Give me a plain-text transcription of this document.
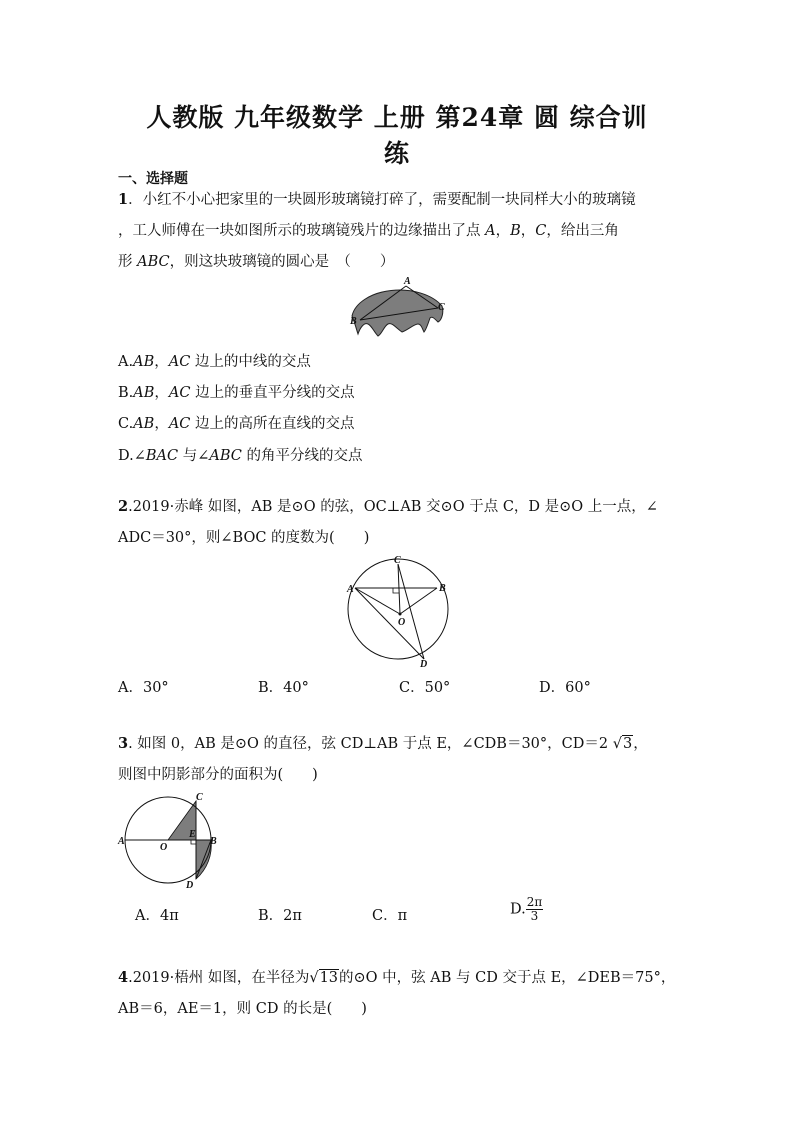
人教版 九年级数学 上册 第24章 圆 综合训
练
一、选择题
1．小红不小心把家里的一块圆形玻璃镜打碎了，需要配制一块同样大小的玻璃镜
，工人师傅在一块如图所示的玻璃镜残片的边缘描出了点 A，B，C，给出三角
形 ABC，则这块玻璃镜的圆心是　（　　）
A
B
C
A.AB，AC 边上的中线的交点
B.AB，AC 边上的垂直平分线的交点
C.AB，AC 边上的高所在直线的交点
D.∠BAC 与∠ABC 的角平分线的交点
2.2019·赤峰 如图，AB 是⊙O 的弦，OC⊥AB 交⊙O 于点 C，D 是⊙O 上一点，∠
ADC＝30°，则∠BOC 的度数为(　　)
A	B
C
D
O
A．30°	B．40°	C．50°	D．60°
3. 如图 0，AB 是⊙O 的直径，弦 CD⊥AB 于点 E，∠CDB＝30°，CD＝2 √3，
则图中阴影部分的面积为(　　)
A	B
C
D
E
O
A．4π	B．2π	C．π	D. $\frac{2\pi}{3}$
4.2019·梧州 如图，在半径为√13的⊙O 中，弦 AB 与 CD 交于点 E，∠DEB＝75°，
AB＝6，AE＝1，则 CD 的长是(　　)
